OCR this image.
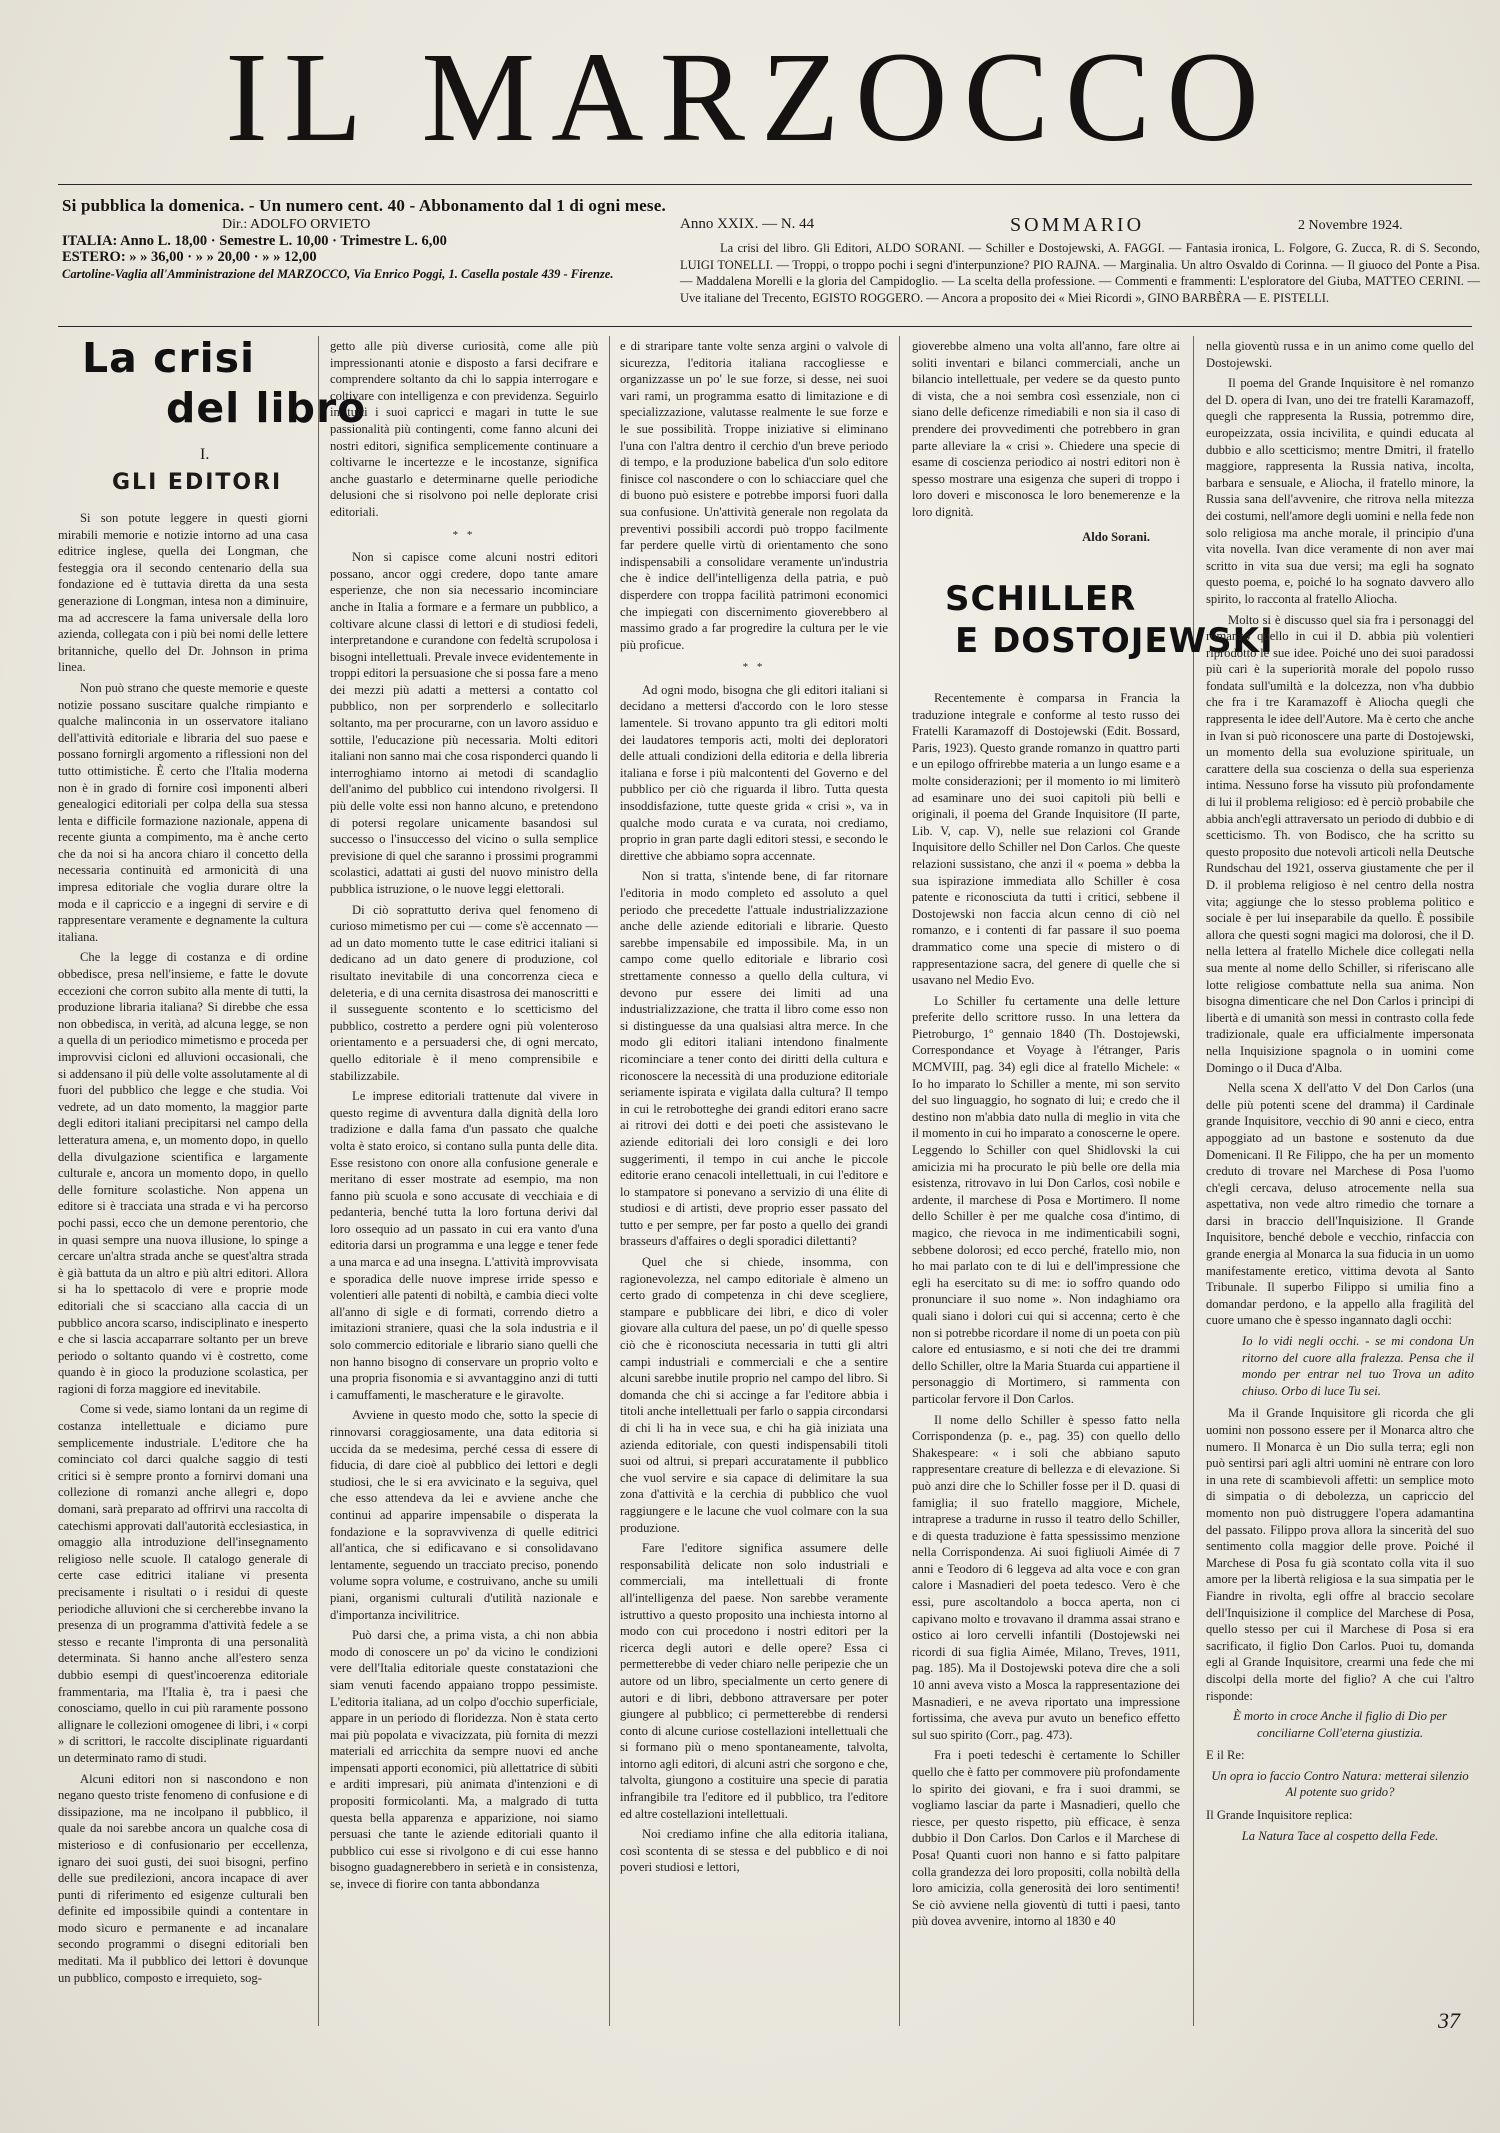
IL MARZOCCO
Si pubblica la domenica. - Un numero cent. 40 - Abbonamento dal 1 di ogni mese.
Dir.: ADOLFO ORVIETO
ITALIA: Anno L. 18,00 · Semestre L. 10,00 · Trimestre L. 6,00
ESTERO: » » 36,00 · » » 20,00 · » » 12,00
Cartoline-Vaglia all'Amministrazione del MARZOCCO, Via Enrico Poggi, 1. Casella postale 439 - Firenze.
Anno XXIX. — N. 44	SOMMARIO	2 Novembre 1924.
La crisi del libro. Gli Editori, ALDO SORANI. — Schiller e Dostojewski, A. FAGGI. — Fantasia ironica, L. Folgore, G. Zucca, R. di S. Secondo, LUIGI TONELLI. — Troppi, o troppo pochi i segni d'interpunzione? PIO RAJNA. — Marginalia. Un altro Osvaldo di Corinna. — Il giuoco del Ponte a Pisa. — Maddalena Morelli e la gloria del Campidoglio. — La scelta della professione. — Commenti e frammenti: L'esploratore del Giuba, MATTEO CERINI. — Uve italiane del Trecento, EGISTO ROGGERO. — Ancora a proposito dei « Miei Ricordi », GINO BARBÈRA — E. PISTELLI.
La crisi
del libro
I.
GLI EDITORI

Si son potute leggere in questi giorni mirabili memorie e notizie intorno ad una casa editrice inglese, quella dei Longman, che festeggia ora il secondo centenario della sua fondazione ed è tuttavia diretta da una sesta generazione di Longman, intesa non a diminuire, ma ad accrescere la fama universale della loro azienda, collegata con i più bei nomi delle lettere britanniche, quello del Dr. Johnson in prima linea.

Non può strano che queste memorie e queste notizie possano suscitare qualche rimpianto e qualche malinconia in un osservatore italiano dell'attività editoriale e libraria del suo paese e possano fornirgli argomento a riflessioni non del tutto ottimistiche. È certo che l'Italia moderna non è in grado di fornire così imponenti alberi genealogici editoriali per colpa della sua stessa lenta e difficile formazione nazionale, appena di recente giunta a compimento, ma è anche certo che da noi si ha ancora chiaro il concetto della necessaria continuità ed armonicità di una impresa editoriale che voglia durare oltre la moda e il capriccio e a ingegni di servire e di rappresentare veramente e degnamente la cultura italiana.

Che la legge di costanza e di ordine obbedisce, presa nell'insieme, e fatte le dovute eccezioni che corron subito alla mente di tutti, la produzione libraria italiana? Si direbbe che essa non obbedisca, in verità, ad alcuna legge, se non a quella di un periodico mimetismo e proceda per improvvisi cicloni ed alluvioni occasionali, che si addensano il più delle volte assolutamente al di fuori del pubblico che legge e che studia. Voi vedrete, ad un dato momento, la maggior parte degli editori italiani precipitarsi nel campo della letteratura amena, e, un momento dopo, in quello della divulgazione scientifica e largamente culturale e, ancora un momento dopo, in quello delle forniture scolastiche. Non appena un editore si è tracciata una strada e vi ha percorso pochi passi, ecco che un demone perentorio, che in quasi sempre una nuova illusione, lo spinge a cercare un'altra strada anche se quest'altra strada è già battuta da un altro e più altri editori. Allora si ha lo spettacolo di vere e proprie mode editoriali che si scacciano alla caccia di un pubblico ancora scarso, indisciplinato e inesperto e che si lascia accaparrare soltanto per un breve periodo o soltanto quando vi è costretto, come quando è in gioco la produzione scolastica, per ragioni di forza maggiore ed inevitabile.

Come si vede, siamo lontani da un regime di costanza intellettuale e diciamo pure semplicemente industriale. L'editore che ha cominciato col darci qualche saggio di testi critici si è sempre pronto a fornirvi domani una collezione di romanzi anche allegri e, dopo domani, sarà preparato ad offrirvi una raccolta di catechismi approvati dall'autorità ecclesiastica, in omaggio alla introduzione dell'insegnamento religioso nelle scuole. Il catalogo generale di certe case editrici italiane vi presenta precisamente i risultati o i residui di queste periodiche alluvioni che si cercherebbe invano la presenza di un programma d'attività fedele a se stesso e recante l'impronta di una personalità determinata. Si hanno anche all'estero senza dubbio esempi di quest'incoerenza editoriale frammentaria, ma l'Italia è, tra i paesi che conosciamo, quello in cui più raramente possono allignare le collezioni omogenee di libri, i « corpi » di scrittori, le raccolte disciplinate riguardanti un determinato ramo di studi.

Alcuni editori non si nascondono e non negano questo triste fenomeno di confusione e di dissipazione, ma ne incolpano il pubblico, il quale da noi sarebbe ancora un qualche cosa di misterioso e di confusionario per eccellenza, ignaro dei suoi gusti, dei suoi bisogni, perfino delle sue predilezioni, ancora incapace di aver punti di riferimento ed esigenze culturali ben definite ed impossibile quindi a contentare in modo sicuro e permanente e ad incanalare secondo programmi o disegni editoriali ben meditati. Ma il pubblico dei lettori è dovunque un pubblico, composto e irrequieto, sog-

getto alle più diverse curiosità, come alle più impressionanti atonie e disposto a farsi decifrare e comprendere soltanto da chi lo sappia interrogare e coltivare con intelligenza e con previdenza. Seguirlo in tutti i suoi capricci e magari in tutte le sue passionalità più contingenti, come fanno alcuni dei nostri editori, significa semplicemente continuare a coltivarne le incertezze e le incostanze, significa anche guastarlo e determinarne quelle periodiche delusioni che si risolvono poi nelle deplorate crisi editoriali.

* *

Non si capisce come alcuni nostri editori possano, ancor oggi credere, dopo tante amare esperienze, che non sia necessario incominciare anche in Italia a formare e a fermare un pubblico, a coltivare alcune classi di lettori e di studiosi fedeli, interpretandone e curandone con fedeltà scrupolosa i bisogni intellettuali. Prevale invece evidentemente in troppi editori la persuasione che si possa fare a meno dei mezzi più adatti a mettersi a contatto col pubblico, non per sorprenderlo e sollecitarlo soltanto, ma per procurarne, con un lavoro assiduo e sottile, l'educazione più necessaria. Molti editori italiani non sanno mai che cosa risponderci quando li interroghiamo intorno ai metodi di scandaglio dell'animo del pubblico cui intendono rivolgersi. Il più delle volte essi non hanno alcuno, e pretendono di potersi regolare unicamente basandosi sul successo o l'insuccesso del vicino o sulla semplice previsione di quel che saranno i prossimi programmi scolastici, adattati ai gusti del nuovo ministro della pubblica istruzione, o le nuove leggi elettorali.

Di ciò soprattutto deriva quel fenomeno di curioso mimetismo per cui — come s'è accennato — ad un dato momento tutte le case editrici italiani si dedicano ad un dato genere di produzione, col risultato inevitabile di una concorrenza cieca e deleteria, e di una cernita disastrosa dei manoscritti e il susseguente scontento e lo scetticismo del pubblico, costretto a perdere ogni più volenteroso orientamento e a persuadersi che, di ogni mercato, quello editoriale è il meno comprensibile e stabilizzabile.

Le imprese editoriali trattenute dal vivere in questo regime di avventura dalla dignità della loro tradizione e dalla fama d'un passato che qualche volta è stato eroico, si contano sulla punta delle dita. Esse resistono con onore alla confusione generale e meritano di esser mostrate ad esempio, ma non fanno più scuola e sono accusate di vecchiaia e di pedanteria, benché tutta la loro fortuna derivi dal loro ossequio ad un passato in cui era vanto d'una editoria darsi un programma e una legge e tener fede a una marca e ad una insegna. L'attività improvvisata e sporadica delle nuove imprese irride spesso e volentieri alle patenti di nobiltà, e cambia dieci volte all'anno di sigle e di formati, correndo dietro a imitazioni straniere, quasi che la sola industria e il solo commercio editoriale e librario siano quelli che non hanno bisogno di conservare un proprio volto e una propria fisonomia e si avvantaggino anzi di tutti i camuffamenti, le mascherature e le giravolte.

Avviene in questo modo che, sotto la specie di rinnovarsi coraggiosamente, una data editoria si uccida da se medesima, perché cessa di essere di fiducia, di dare cioè al pubblico dei lettori e degli studiosi, che le si era avvicinato e la seguiva, quel che esso attendeva da lei e avviene anche che continui ad apparire impensabile o disperata la fondazione e la sopravvivenza di quelle editrici all'antica, che si edificavano e si consolidavano lentamente, seguendo un tracciato preciso, ponendo volume sopra volume, e costruivano, anche su umili piani, organismi culturali d'utilità nazionale e d'importanza incivilitrice.

Può darsi che, a prima vista, a chi non abbia modo di conoscere un po' da vicino le condizioni vere dell'Italia editoriale queste constatazioni che siam venuti facendo appaiano troppo pessimiste. L'editoria italiana, ad un colpo d'occhio superficiale, appare in un periodo di floridezza. Non è stata certo mai più popolata e vivacizzata, più fornita di mezzi materiali ed arricchita da sempre nuovi ed anche impensati apporti economici, più allettatrice di sùbiti e arditi impresari, più animata d'intenzioni e di propositi formicolanti. Ma, a malgrado di tutta questa bella apparenza e apparizione, noi siamo persuasi che tante le aziende editoriali quanto il pubblico cui esse si rivolgono e di cui esse hanno bisogno guadagnerebbero in serietà e in consistenza, se, invece di fiorire con tanta abbondanza

e di straripare tante volte senza argini o valvole di sicurezza, l'editoria italiana raccogliesse e organizzasse un po' le sue forze, si desse, nei suoi vari rami, un programma esatto di limitazione e di specializzazione, valutasse realmente le sue forze e le sue possibilità. Troppe iniziative si eliminano l'una con l'altra dentro il cerchio d'un breve periodo di tempo, e la produzione babelica d'un solo editore finisce col nascondere o con lo schiacciare quel che di buono può esistere e potrebbe imporsi fuori dalla sua confusione. Un'attività generale non regolata da preventivi possibili accordi può troppo facilmente far perdere quelle virtù di orientamento che sono indispensabili a consolidare veramente un'industria che è indice dell'intelligenza della patria, e può disperdere con troppa facilità patrimoni economici che impiegati con discernimento gioverebbero al massimo grado a far progredire la cultura per le vie più proficue.

* *

Ad ogni modo, bisogna che gli editori italiani si decidano a mettersi d'accordo con le loro stesse lamentele. Si trovano appunto tra gli editori molti dei laudatores temporis acti, molti dei deploratori delle attuali condizioni della editoria e della libreria italiana e forse i più malcontenti del Governo e del pubblico per ciò che riguarda il libro. Tutta questa insoddisfazione, tutte queste grida « crisi », va in qualche modo curata e va curata, noi crediamo, proprio in gran parte dagli editori stessi, e secondo le direttive che abbiamo sopra accennate.

Non si tratta, s'intende bene, di far ritornare l'editoria in modo completo ed assoluto a quel periodo che precedette l'attuale industrializzazione anche delle aziende editoriali e librarie. Questo sarebbe impensabile ed impossibile. Ma, in un campo come quello editoriale e librario così strettamente connesso a quello della cultura, vi devono pur essere dei limiti ad una industrializzazione, che tratta il libro come esso non si distinguesse da una qualsiasi altra merce. In che modo gli editori italiani intendono finalmente ricominciare a tener conto dei diritti della cultura e riconoscere la necessità di una produzione editoriale seriamente ispirata e vigilata dalla cultura? Il tempo in cui le retrobotteghe dei grandi editori erano sacre ai ritrovi dei dotti e dei poeti che assistevano le aziende editoriali dei loro consigli e dei loro suggerimenti, il tempo in cui anche le piccole editorie erano cenacoli intellettuali, in cui l'editore e lo stampatore si ponevano a servizio di una élite di studiosi e di artisti, deve proprio esser passato del tutto e per sempre, per far posto a quello dei grandi brasseurs d'affaires o degli sporadici dilettanti?

Quel che si chiede, insomma, con ragionevolezza, nel campo editoriale è almeno un certo grado di competenza in chi deve scegliere, stampare e pubblicare dei libri, e dico di voler giovare alla cultura del paese, un po' di quelle spesso ciò che è riconosciuta necessaria in tutti gli altri campi industriali e commerciali e che a sentire alcuni sarebbe inutile proprio nel campo del libro. Si domanda che chi si accinge a far l'editore abbia i titoli anche intellettuali per farlo o sappia circondarsi di chi li ha in vece sua, e chi ha già iniziata una azienda editoriale, con questi indispensabili titoli suoi od altrui, si prepari accuratamente il pubblico che vuol servire e sia capace di delimitare la sua zona d'attività e la cerchia di pubblico che vuol raggiungere e le lacune che vuol colmare con la sua produzione.

Fare l'editore significa assumere delle responsabilità delicate non solo industriali e commerciali, ma intellettuali di fronte all'intelligenza del paese. Non sarebbe veramente istruttivo a questo proposito una inchiesta intorno al modo con cui procedono i nostri editori per la ricerca degli autori e delle opere? Essa ci permetterebbe di veder chiaro nelle peripezie che un autore od un libro, specialmente un certo genere di autori e di libri, debbono attraversare per poter giungere al pubblico; ci permetterebbe di rendersi conto di alcune curiose costellazioni intellettuali che si formano più o meno spontaneamente, talvolta, intorno agli editori, di alcuni astri che sorgono e che, talvolta, giungono a costituire una specie di paratia infrangibile tra l'editore ed il pubblico, tra l'editore ed altre costellazioni intellettuali.

Noi crediamo infine che alla editoria italiana, così scontenta di se stessa e del pubblico e di noi poveri studiosi e lettori,

gioverebbe almeno una volta all'anno, fare oltre ai soliti inventari e bilanci commerciali, anche un bilancio intellettuale, per vedere se da questo punto di vista, che a noi sembra così essenziale, non ci siano delle deficenze rimediabili e non sia il caso di prendere dei provvedimenti che potrebbero in gran parte alleviare la « crisi ». Chiedere una specie di esame di coscienza periodico ai nostri editori non è spesso mostrare una esigenza che superi di troppo i loro doveri e misconosca le loro benemerenze e la loro dignità.

Aldo Sorani.

SCHILLER
E DOSTOJEWSKI

Recentemente è comparsa in Francia la traduzione integrale e conforme al testo russo dei Fratelli Karamazoff di Dostojewski (Edit. Bossard, Paris, 1923). Questo grande romanzo in quattro parti e un epilogo offrirebbe materia a un lungo esame e a molte considerazioni; per il momento io mi limiterò ad esaminare uno dei suoi capitoli più belli e originali, il poema del Grande Inquisitore (II parte, Lib. V, cap. V), nelle sue relazioni col Grande Inquisitore dello Schiller nel Don Carlos. Che queste relazioni sussistano, che anzi il « poema » debba la sua ispirazione immediata allo Schiller è cosa patente e riconosciuta da tutti i critici, sebbene il Dostojewski non faccia alcun cenno di ciò nel romanzo, e i contenti di far passare il suo poema drammatico come una specie di mistero o di rappresentazione sacra, del genere di quelle che si usavano nel Medio Evo.

Lo Schiller fu certamente una delle letture preferite dello scrittore russo. In una lettera da Pietroburgo, 1º gennaio 1840 (Th. Dostojewski, Correspondance et Voyage à l'étranger, Paris MCMVIII, pag. 34) egli dice al fratello Michele: « Io ho imparato lo Schiller a mente, mi son servito del suo linguaggio, ho sognato di lui; e credo che il destino non m'abbia dato nulla di meglio in vita che il momento in cui ho imparato a conoscerne le opere. Leggendo lo Schiller con quel Shidlovski la cui amicizia mi ha procurato le più belle ore della mia esistenza, ritrovavo in lui Don Carlos, così nobile e ardente, il marchese di Posa e Mortimero. Il nome dello Schiller è per me qualche cosa d'intimo, di magico, che rievoca in me indimenticabili sogni, sebbene dolorosi; ed ecco perché, fratello mio, non ho mai parlato con te di lui e dell'impressione che egli ha esercitato su di me: io soffro quando odo pronunciare il suo nome ». Non indaghiamo ora quali siano i dolori cui qui si accenna; certo è che non si potrebbe ricordare il nome di un poeta con più calore ed entusiasmo, e si noti che dei tre drammi dello Schiller, oltre la Maria Stuarda cui appartiene il personaggio di Mortimero, si rammenta con particolar fervore il Don Carlos.

Il nome dello Schiller è spesso fatto nella Corrispondenza (p. e., pag. 35) con quello dello Shakespeare: « i soli che abbiano saputo rappresentare creature di bellezza e di elevazione. Si può anzi dire che lo Schiller fosse per il D. quasi di famiglia; il suo fratello maggiore, Michele, intraprese a tradurne in russo il teatro dello Schiller, e di questa traduzione è fatta spessissimo menzione nella Corrispondenza. Ai suoi figliuoli Aimée di 7 anni e Teodoro di 6 leggeva ad alta voce e con gran calore i Masnadieri del poeta tedesco. Vero è che essi, pure ascoltandolo a bocca aperta, non ci capivano molto e trovavano il dramma assai strano e ostico ai loro cervelli infantili (Dostojewski nei ricordi di sua figlia Aimée, Milano, Treves, 1911, pag. 185). Ma il Dostojewski poteva dire che a soli 10 anni aveva visto a Mosca la rappresentazione dei Masnadieri, e ne aveva riportato una impressione fortissima, che aveva pur avuto un benefico effetto sul suo spirito (Corr., pag. 473).

Fra i poeti tedeschi è certamente lo Schiller quello che è fatto per commovere più profondamente lo spirito dei giovani, e fra i suoi drammi, se vogliamo lasciar da parte i Masnadieri, quello che riesce, per questo rispetto, più efficace, è senza dubbio il Don Carlos. Don Carlos e il Marchese di Posa! Quanti cuori non hanno e si fatto palpitare colla grandezza dei loro propositi, colla nobiltà della loro amicizia, colla generosità dei loro sentimenti! Se ciò avviene nella gioventù di tutti i paesi, tanto più dovea avvenire, intorno al 1830 e 40

nella gioventù russa e in un animo come quello del Dostojewski.

Il poema del Grande Inquisitore è nel romanzo del D. opera di Ivan, uno dei tre fratelli Karamazoff, quegli che rappresenta la Russia, potremmo dire, europeizzata, ossia incivilita, e quindi educata al dubbio e allo scetticismo; mentre Dmitri, il fratello maggiore, rappresenta la Russia nativa, incolta, barbara e sensuale, e Aliocha, il fratello minore, la Russia sana dell'avvenire, che ritrova nella mitezza dei costumi, nell'amore degli uomini e nella fede non solo religiosa ma anche morale, il principio d'una vita novella. Ivan dice veramente di non aver mai scritto in vita sua due versi; ma egli ha sognato questo poema, e, poiché lo ha sognato davvero allo spirito, lo racconta al fratello Aliocha.

Molto si è discusso quel sia fra i personaggi del romanzo quello in cui il D. abbia più volentieri riprodotto le sue idee. Poiché uno dei suoi paradossi più cari è la superiorità morale del popolo russo fondata sull'umiltà e la dolcezza, non v'ha dubbio che fra i tre Karamazoff è Aliocha quegli che rappresenta le idee dell'Autore. Ma è certo che anche in Ivan si può riconoscere una parte di Dostojewski, un momento della sua evoluzione spirituale, un carattere della sua coscienza o della sua esperienza intima. Nessuno forse ha vissuto più profondamente di lui il problema religioso: ed è perciò probabile che abbia anch'egli attraversato un periodo di dubbio e di scetticismo. Th. von Bodisco, che ha scritto su questo proposito due notevoli articoli nella Deutsche Rundschau del 1921, osserva giustamente che per il D. il problema religioso è nel centro della nostra vita; aggiunge che lo stesso problema politico e sociale è per lui inseparabile da quello. È possibile allora che questi sogni magici ma dolorosi, che il D. nella lettera al fratello Michele dice collegati nella sua mente al nome dello Schiller, si riferiscano alle lotte religiose combattute nella sua anima. Non bisogna dimenticare che nel Don Carlos i princìpi di libertà e di umanità son messi in contrasto colla fede tradizionale, quale era ufficialmente impersonata nella Inquisizione spagnola o in uomini come Domingo o il Duca d'Alba.

Nella scena X dell'atto V del Don Carlos (una delle più potenti scene del dramma) il Cardinale grande Inquisitore, vecchio di 90 anni e cieco, entra appoggiato ad un bastone e sostenuto da due Domenicani. Il Re Filippo, che ha per un momento creduto di trovare nel Marchese di Posa l'uomo ch'egli cercava, deluso atrocemente nella sua aspettativa, non vede altro rimedio che tornare a darsi in braccio dell'Inquisizione. Il Grande Inquisitore, benché debole e vecchio, rinfaccia con grande energia al Monarca la sua fiducia in un uomo manifestamente eretico, vittima devota al Santo Tribunale. Il superbo Filippo si umilia fino a domandar perdono, e la appello alla fragilità del cuore umano che è spesso ingannato dagli occhi:

Io lo vidi negli occhi. - se mi condona Un ritorno del cuore alla fralezza. Pensa che il mondo per entrar nel tuo Trova un adito chiuso. Orbo di luce Tu sei.

Ma il Grande Inquisitore gli ricorda che gli uomini non possono essere per il Monarca altro che numero. Il Monarca è un Dio sulla terra; egli non può sentirsi pari agli altri uomini nè entrare con loro in una rete di scambievoli affetti: un semplice moto di simpatia o di debolezza, un capriccio del momento non può distruggere l'opera adamantina del passato. Filippo prova allora la sincerità del suo sentimento colla maggior delle prove. Poiché il Marchese di Posa fu già scontato colla vita il suo amore per la libertà religiosa e la sua simpatia per le Fiandre in rivolta, egli offre al braccio secolare dell'Inquisizione il complice del Marchese di Posa, quello stesso per cui il Marchese di Posa si era sacrificato, il figlio Don Carlos. Puoi tu, domanda egli al Grande Inquisitore, crearmi una fede che mi discolpi della morte del figlio? A che cui l'altro risponde:

È morto in croce Anche il figlio di Dio per conciliarne Coll'eterna giustizia.

E il Re:

Un opra io faccio Contro Natura: metterai silenzio Al potente suo grido?

Il Grande Inquisitore replica:

La Natura Tace al cospetto della Fede.

37
